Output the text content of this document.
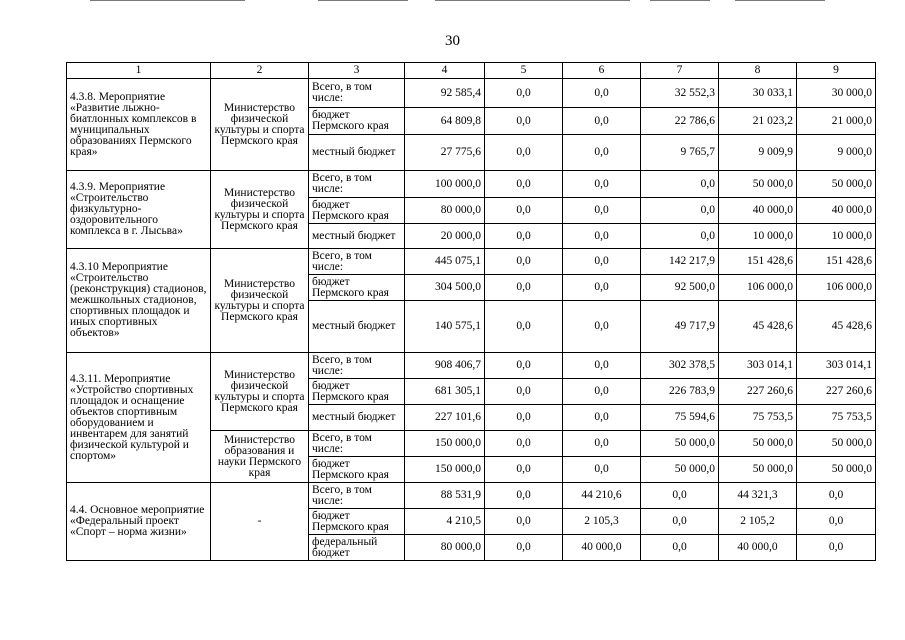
30
1	2	3	4	5	6	7	8	9
4.3.8. Мероприятие «Развитие лыжно-биатлонных комплексов в муниципальных образованиях Пермского края»	Министерство физической культуры и спорта Пермского края	Всего, в том числе:	92 585,4	0,0	0,0	32 552,3	30 033,1	30 000,0
		бюджет Пермского края	64 809,8	0,0	0,0	22 786,6	21 023,2	21 000,0
		местный бюджет	27 775,6	0,0	0,0	9 765,7	9 009,9	9 000,0
4.3.9. Мероприятие «Строительство физкультурно-оздоровительного комплекса в г. Лысьва»	Министерство физической культуры и спорта Пермского края	Всего, в том числе:	100 000,0	0,0	0,0	0,0	50 000,0	50 000,0
		бюджет Пермского края	80 000,0	0,0	0,0	0,0	40 000,0	40 000,0
		местный бюджет	20 000,0	0,0	0,0	0,0	10 000,0	10 000,0
4.3.10 Мероприятие «Строительство (реконструкция) стадионов, межшкольных стадионов, спортивных площадок и иных спортивных объектов»	Министерство физической культуры и спорта Пермского края	Всего, в том числе:	445 075,1	0,0	0,0	142 217,9	151 428,6	151 428,6
		бюджет Пермского края	304 500,0	0,0	0,0	92 500,0	106 000,0	106 000,0
		местный бюджет	140 575,1	0,0	0,0	49 717,9	45 428,6	45 428,6
4.3.11. Мероприятие «Устройство спортивных площадок и оснащение объектов спортивным оборудованием и инвентарем для занятий физической культурой и спортом»	Министерство физической культуры и спорта Пермского края	Всего, в том числе:	908 406,7	0,0	0,0	302 378,5	303 014,1	303 014,1
		бюджет Пермского края	681 305,1	0,0	0,0	226 783,9	227 260,6	227 260,6
		местный бюджет	227 101,6	0,0	0,0	75 594,6	75 753,5	75 753,5
	Министерство образования и науки Пермского края	Всего, в том числе:	150 000,0	0,0	0,0	50 000,0	50 000,0	50 000,0
		бюджет Пермского края	150 000,0	0,0	0,0	50 000,0	50 000,0	50 000,0
4.4. Основное мероприятие «Федеральный проект «Спорт – норма жизни»	-	Всего, в том числе:	88 531,9	0,0	44 210,6	0,0	44 321,3	0,0
		бюджет Пермского края	4 210,5	0,0	2 105,3	0,0	2 105,2	0,0
		федеральный бюджет	80 000,0	0,0	40 000,0	0,0	40 000,0	0,0
